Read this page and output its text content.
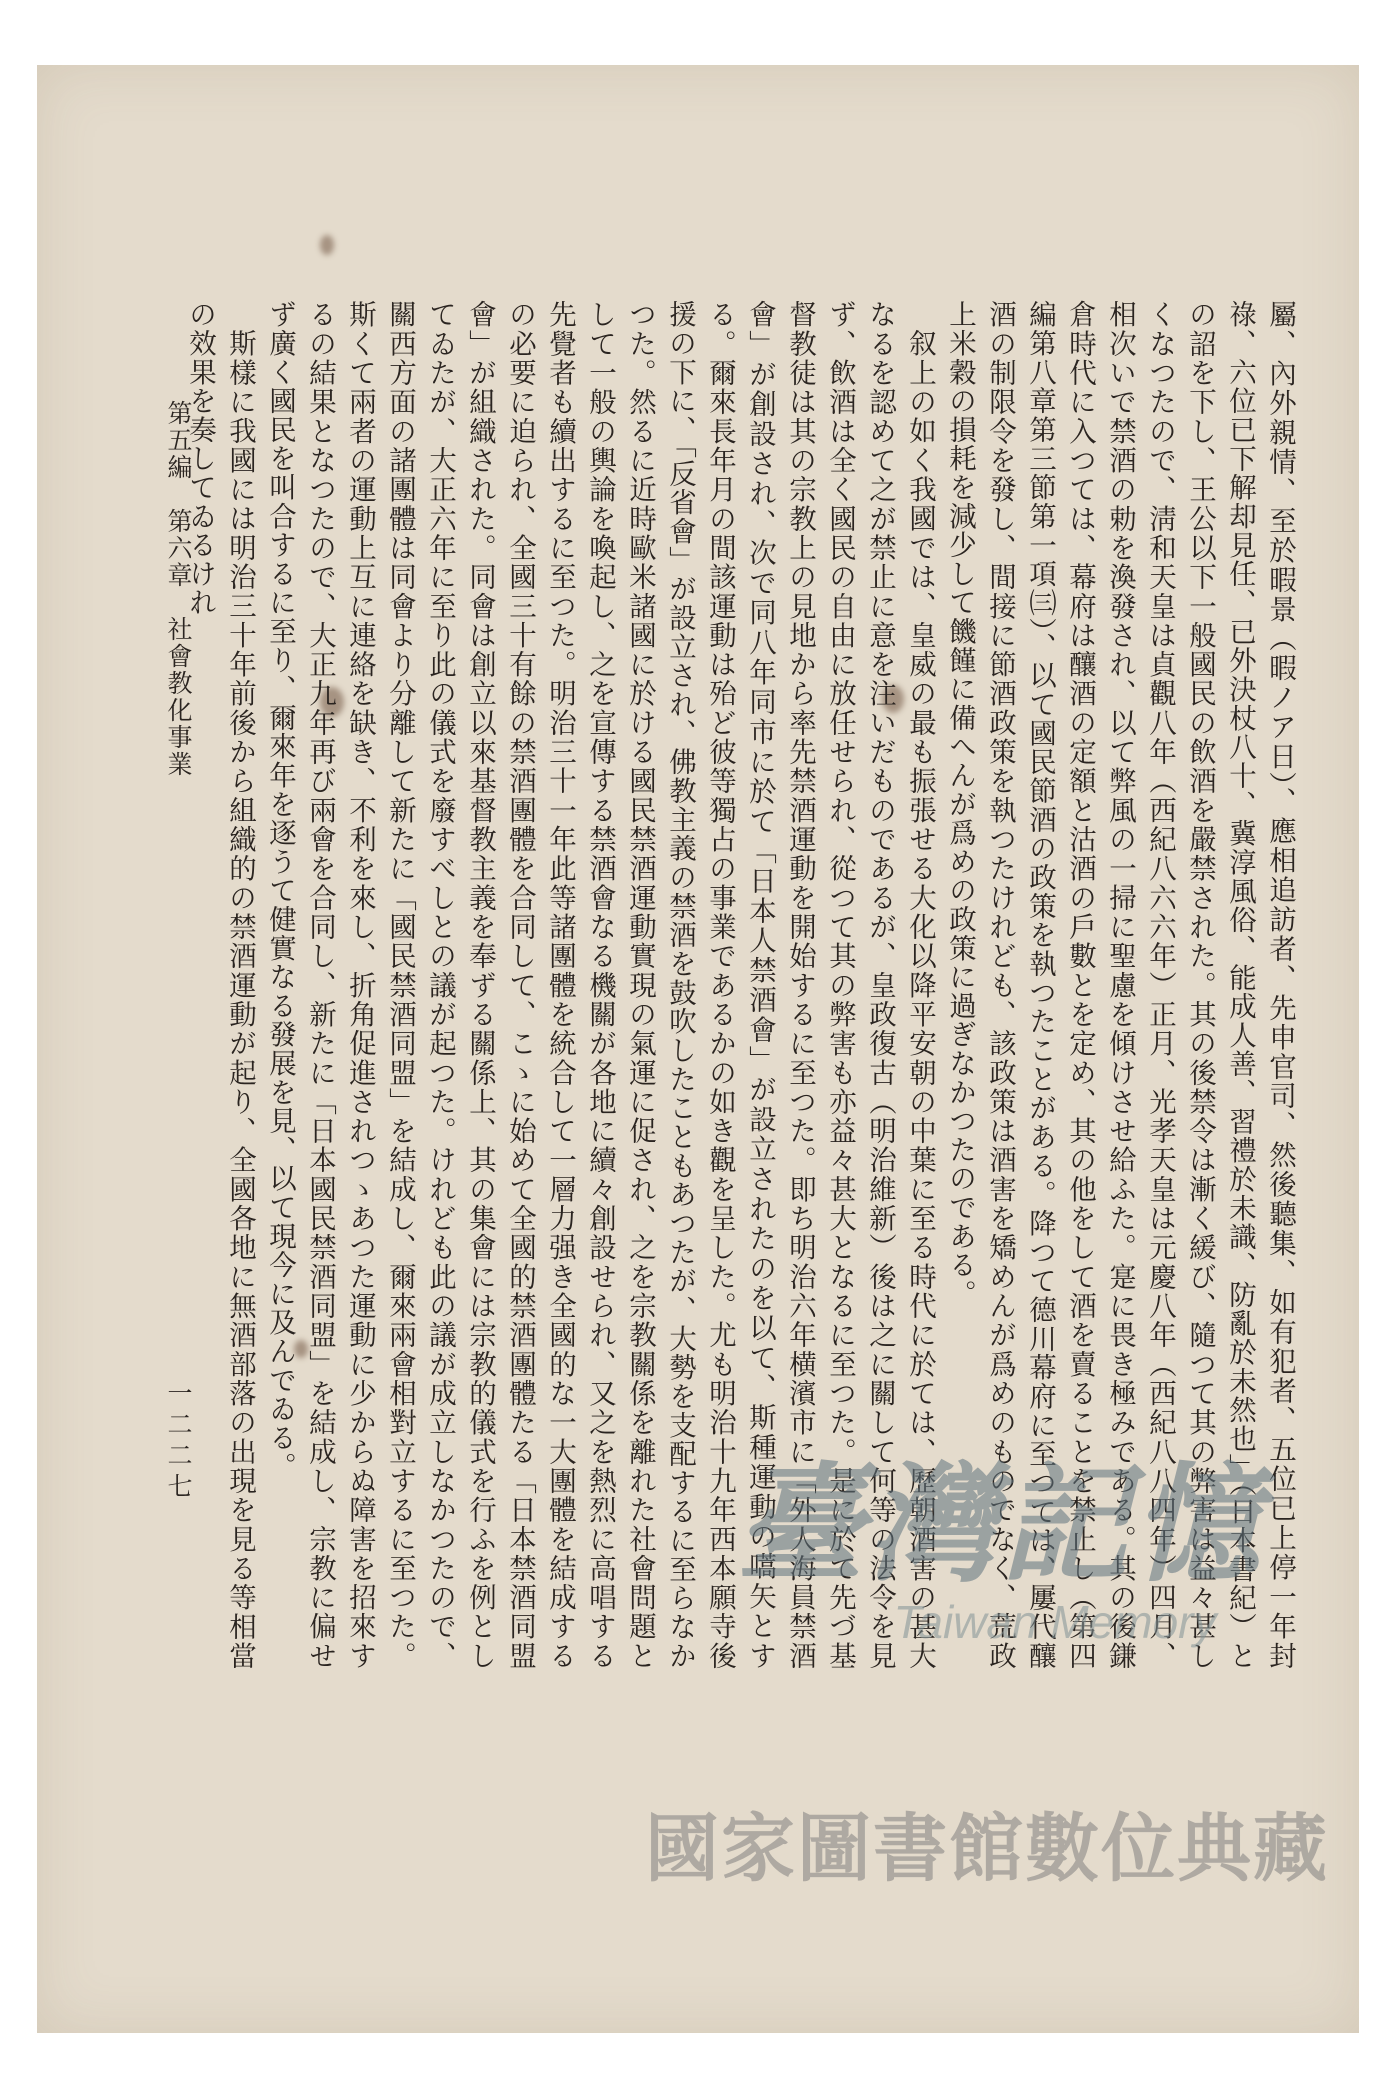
屬、內外親情、至於暇景（暇ノア日）、應相追訪者、先申官司、然後聽集、如有犯者、五位已上停一年封祿、六位已下解却見任、已外決杖八十、冀淳風俗、能成人善、習禮於未識、防亂於未然也」（日本書紀）との詔を下し、王公以下一般國民の飲酒を嚴禁された。其の後禁令は漸く緩び、隨つて其の弊害は益々甚しくなつたので、淸和天皇は貞觀八年（西紀八六六年）正月、光孝天皇は元慶八年（西紀八八四年）四月、相次いで禁酒の勅を渙發され、以て弊風の一掃に聖慮を傾けさせ給ふた。寔に畏き極みである。其の後鎌倉時代に入つては、幕府は釀酒の定額と沽酒の戶數とを定め、其の他をして酒を賣ることを禁止し（第四編第八章第三節第一項㈢）、以て國民節酒の政策を執つたことがある。降つて德川幕府に至つては、屢代釀酒の制限令を發し、間接に節酒政策を執つたけれども、該政策は酒害を矯めんが爲めのものでなく、荒政上米穀の損耗を減少して饑饉に備へんが爲めの政策に過ぎなかつたのである。

叙上の如く我國では、皇威の最も振張せる大化以降平安朝の中葉に至る時代に於ては、歷朝酒害の甚大なるを認めて之が禁止に意を注いだものであるが、皇政復古（明治維新）後は之に關して何等の法令を見ず、飲酒は全く國民の自由に放任せられ、從つて其の弊害も亦益々甚大となるに至つた。是に於て先づ基督教徒は其の宗教上の見地から率先禁酒運動を開始するに至つた。即ち明治六年横濱市に「外人海員禁酒會」が創設され、次で同八年同市に於て「日本人禁酒會」が設立されたのを以て、斯種運動の嚆矢とする。爾來長年月の間該運動は殆ど彼等獨占の事業であるかの如き觀を呈した。尤も明治十九年西本願寺後援の下に、「反省會」が設立され、佛教主義の禁酒を鼓吹したこともあつたが、大勢を支配するに至らなかつた。然るに近時歐米諸國に於ける國民禁酒運動實現の氣運に促され、之を宗教關係を離れた社會問題として一般の輿論を喚起し、之を宣傳する禁酒會なる機關が各地に續々創設せられ、又之を熱烈に高唱する先覺者も續出するに至つた。明治三十一年此等諸團體を統合して一層力强き全國的な一大團體を結成するの必要に迫られ、全國三十有餘の禁酒團體を合同して、こゝに始めて全國的禁酒團體たる「日本禁酒同盟會」が組織された。同會は創立以來基督教主義を奉ずる關係上、其の集會には宗教的儀式を行ふを例としてゐたが、大正六年に至り此の儀式を廢すべしとの議が起つた。けれども此の議が成立しなかつたので、關西方面の諸團體は同會より分離して新たに「國民禁酒同盟」を結成し、爾來兩會相對立するに至つた。斯くて兩者の運動上互に連絡を缺き、不利を來し、折角促進されつゝあつた運動に少からぬ障害を招來するの結果となつたので、大正九年再び兩會を合同し、新たに「日本國民禁酒同盟」を結成し、宗教に偏せず廣く國民を叫合するに至り、爾來年を逐うて健實なる發展を見、以て現今に及んでゐる。

斯樣に我國には明治三十年前後から組織的の禁酒運動が起り、全國各地に無酒部落の出現を見る等相當の效果を奏してゐるけれ

第五編　第六章　社會教化事業
一二二七
臺灣記憶
Taiwan Memory
國家圖書館數位典藏
